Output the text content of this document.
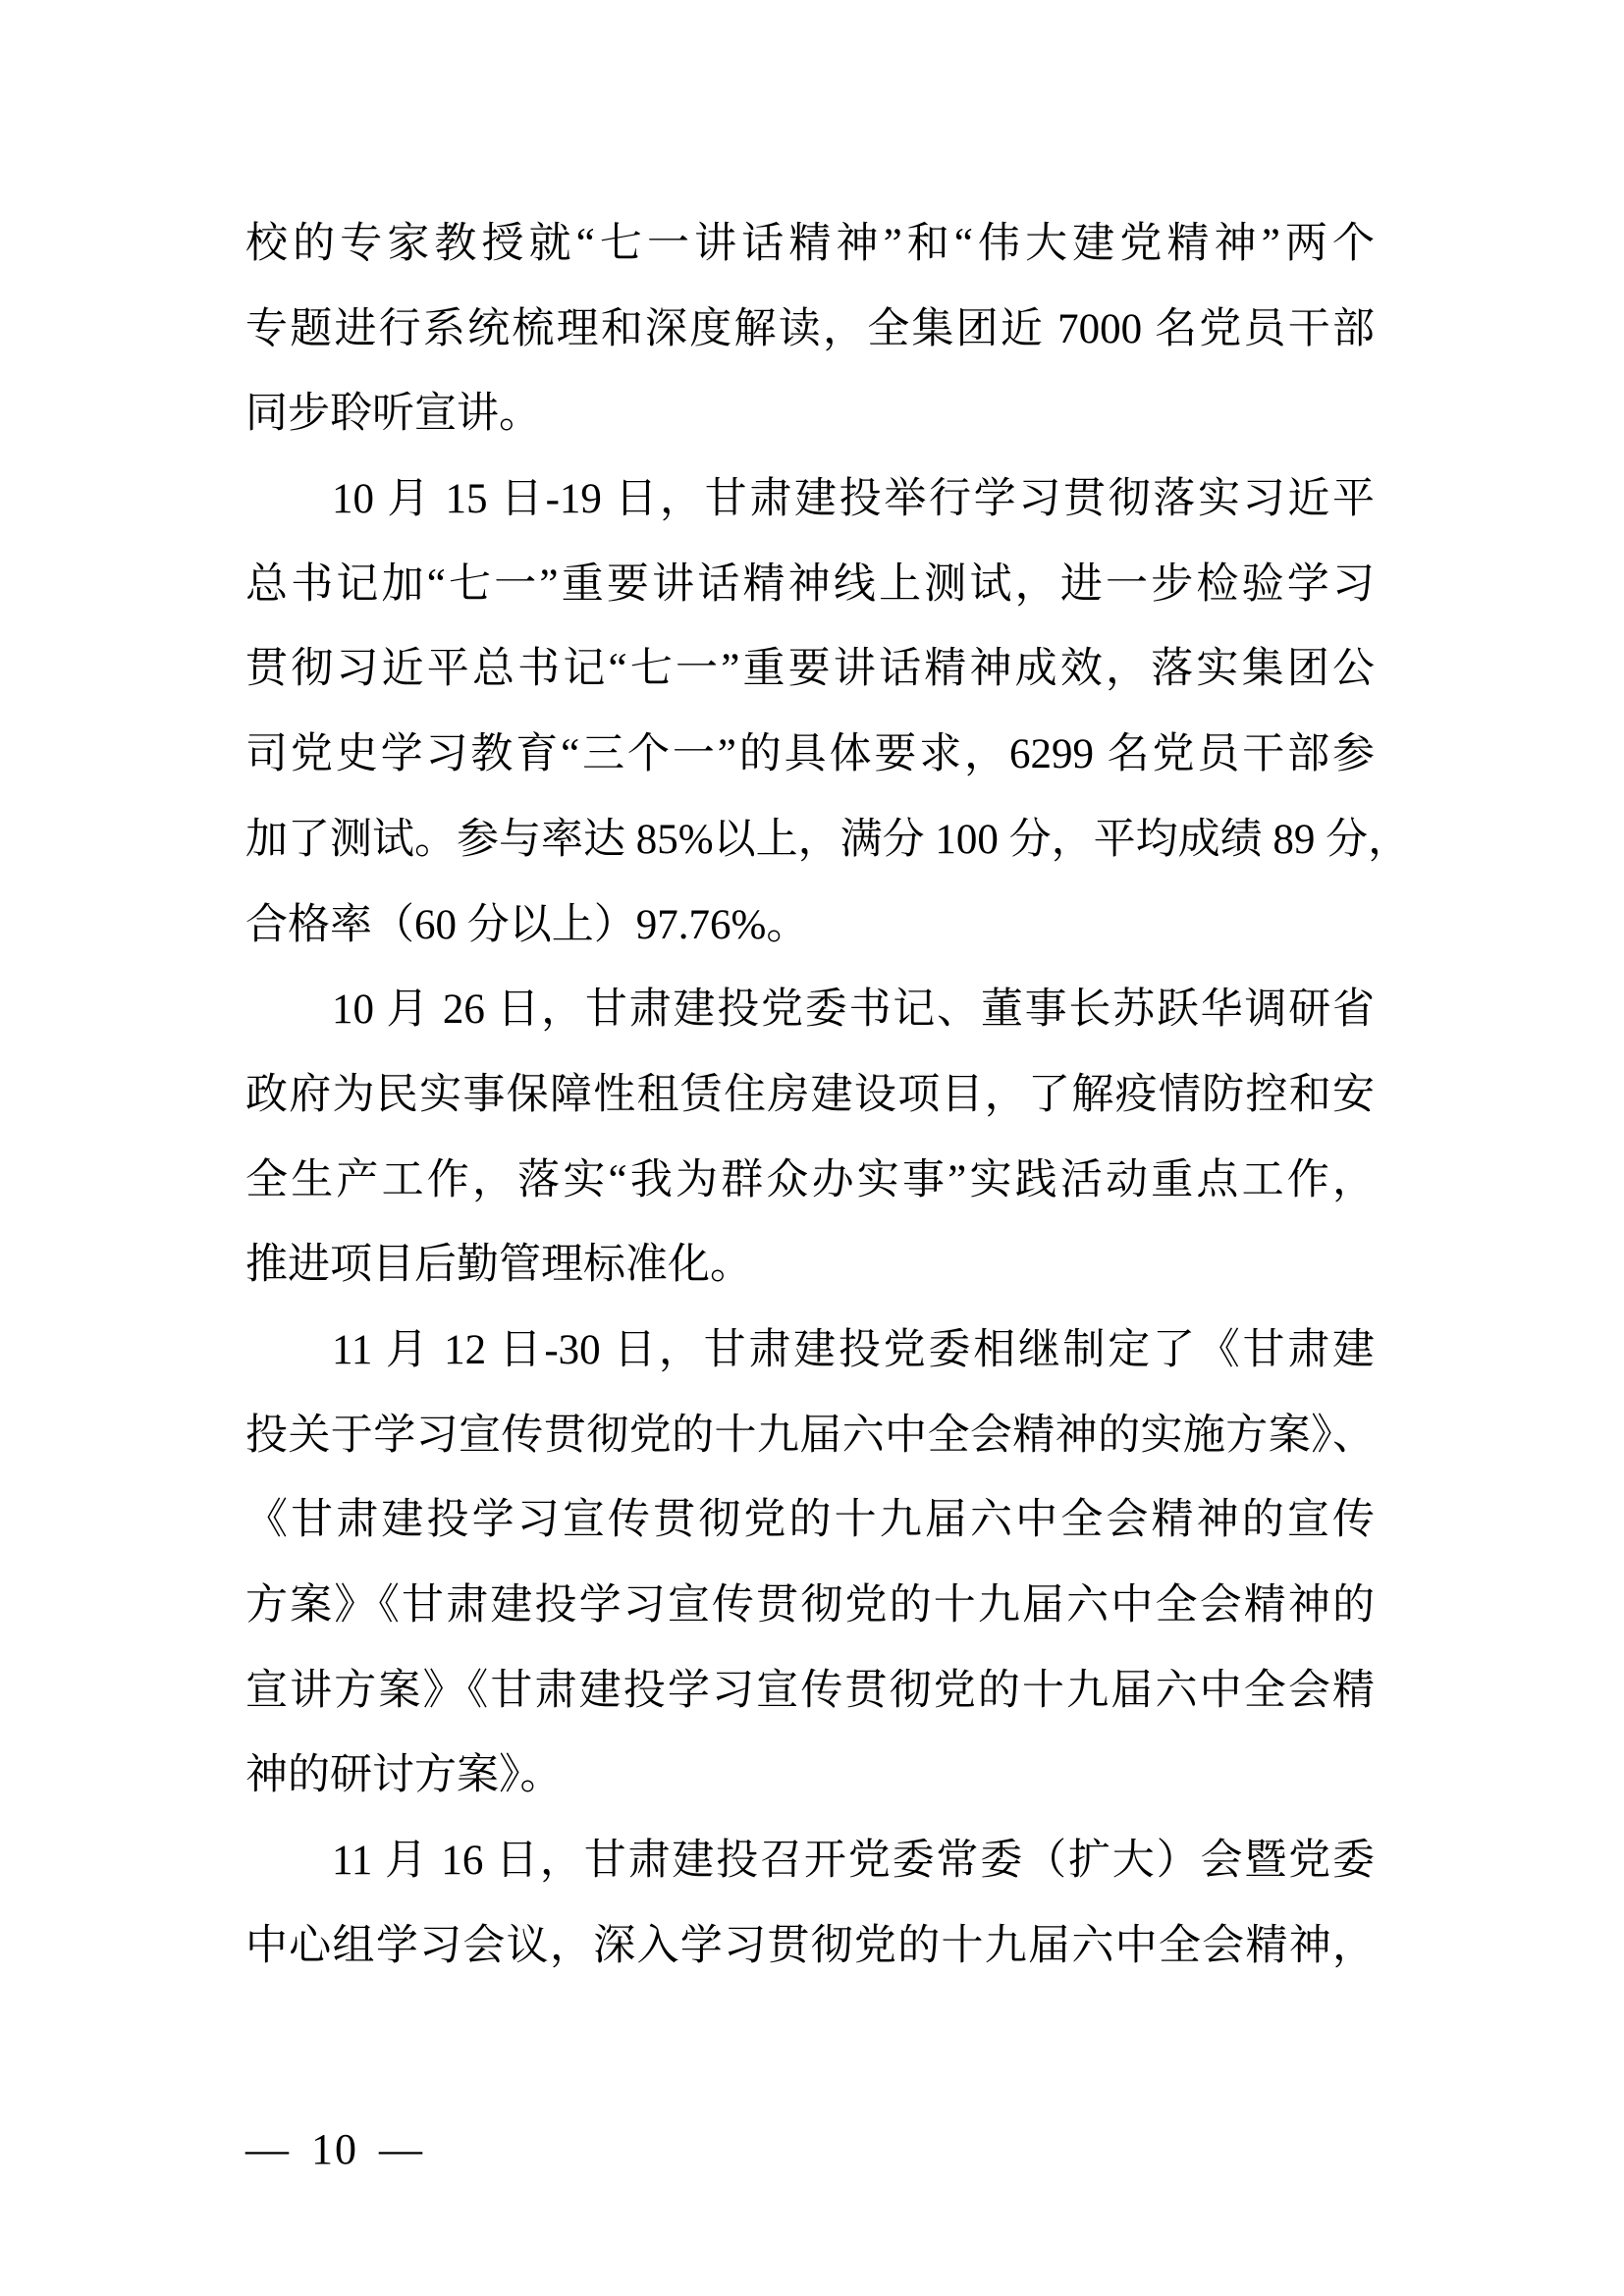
校的专家教授就“七一讲话精神”和“伟大建党精神”两个
专题进行系统梳理和深度解读，全集团近 7000 名党员干部
同步聆听宣讲。
10 月 15 日-19 日，甘肃建投举行学习贯彻落实习近平
总书记加“七一”重要讲话精神线上测试，进一步检验学习
贯彻习近平总书记“七一”重要讲话精神成效，落实集团公
司党史学习教育“三个一”的具体要求，6299 名党员干部参
加了测试。参与率达 85%以上，满分 100 分，平均成绩 89 分，
合格率（60 分以上）97.76%。
10 月 26 日，甘肃建投党委书记、董事长苏跃华调研省
政府为民实事保障性租赁住房建设项目，了解疫情防控和安
全生产工作，落实“我为群众办实事”实践活动重点工作，
推进项目后勤管理标准化。
11 月 12 日-30 日，甘肃建投党委相继制定了《甘肃建
投关于学习宣传贯彻党的十九届六中全会精神的实施方案》、
《甘肃建投学习宣传贯彻党的十九届六中全会精神的宣传
方案》《甘肃建投学习宣传贯彻党的十九届六中全会精神的
宣讲方案》《甘肃建投学习宣传贯彻党的十九届六中全会精
神的研讨方案》。
11 月 16 日，甘肃建投召开党委常委（扩大）会暨党委
中心组学习会议，深入学习贯彻党的十九届六中全会精神，
— 10 —
